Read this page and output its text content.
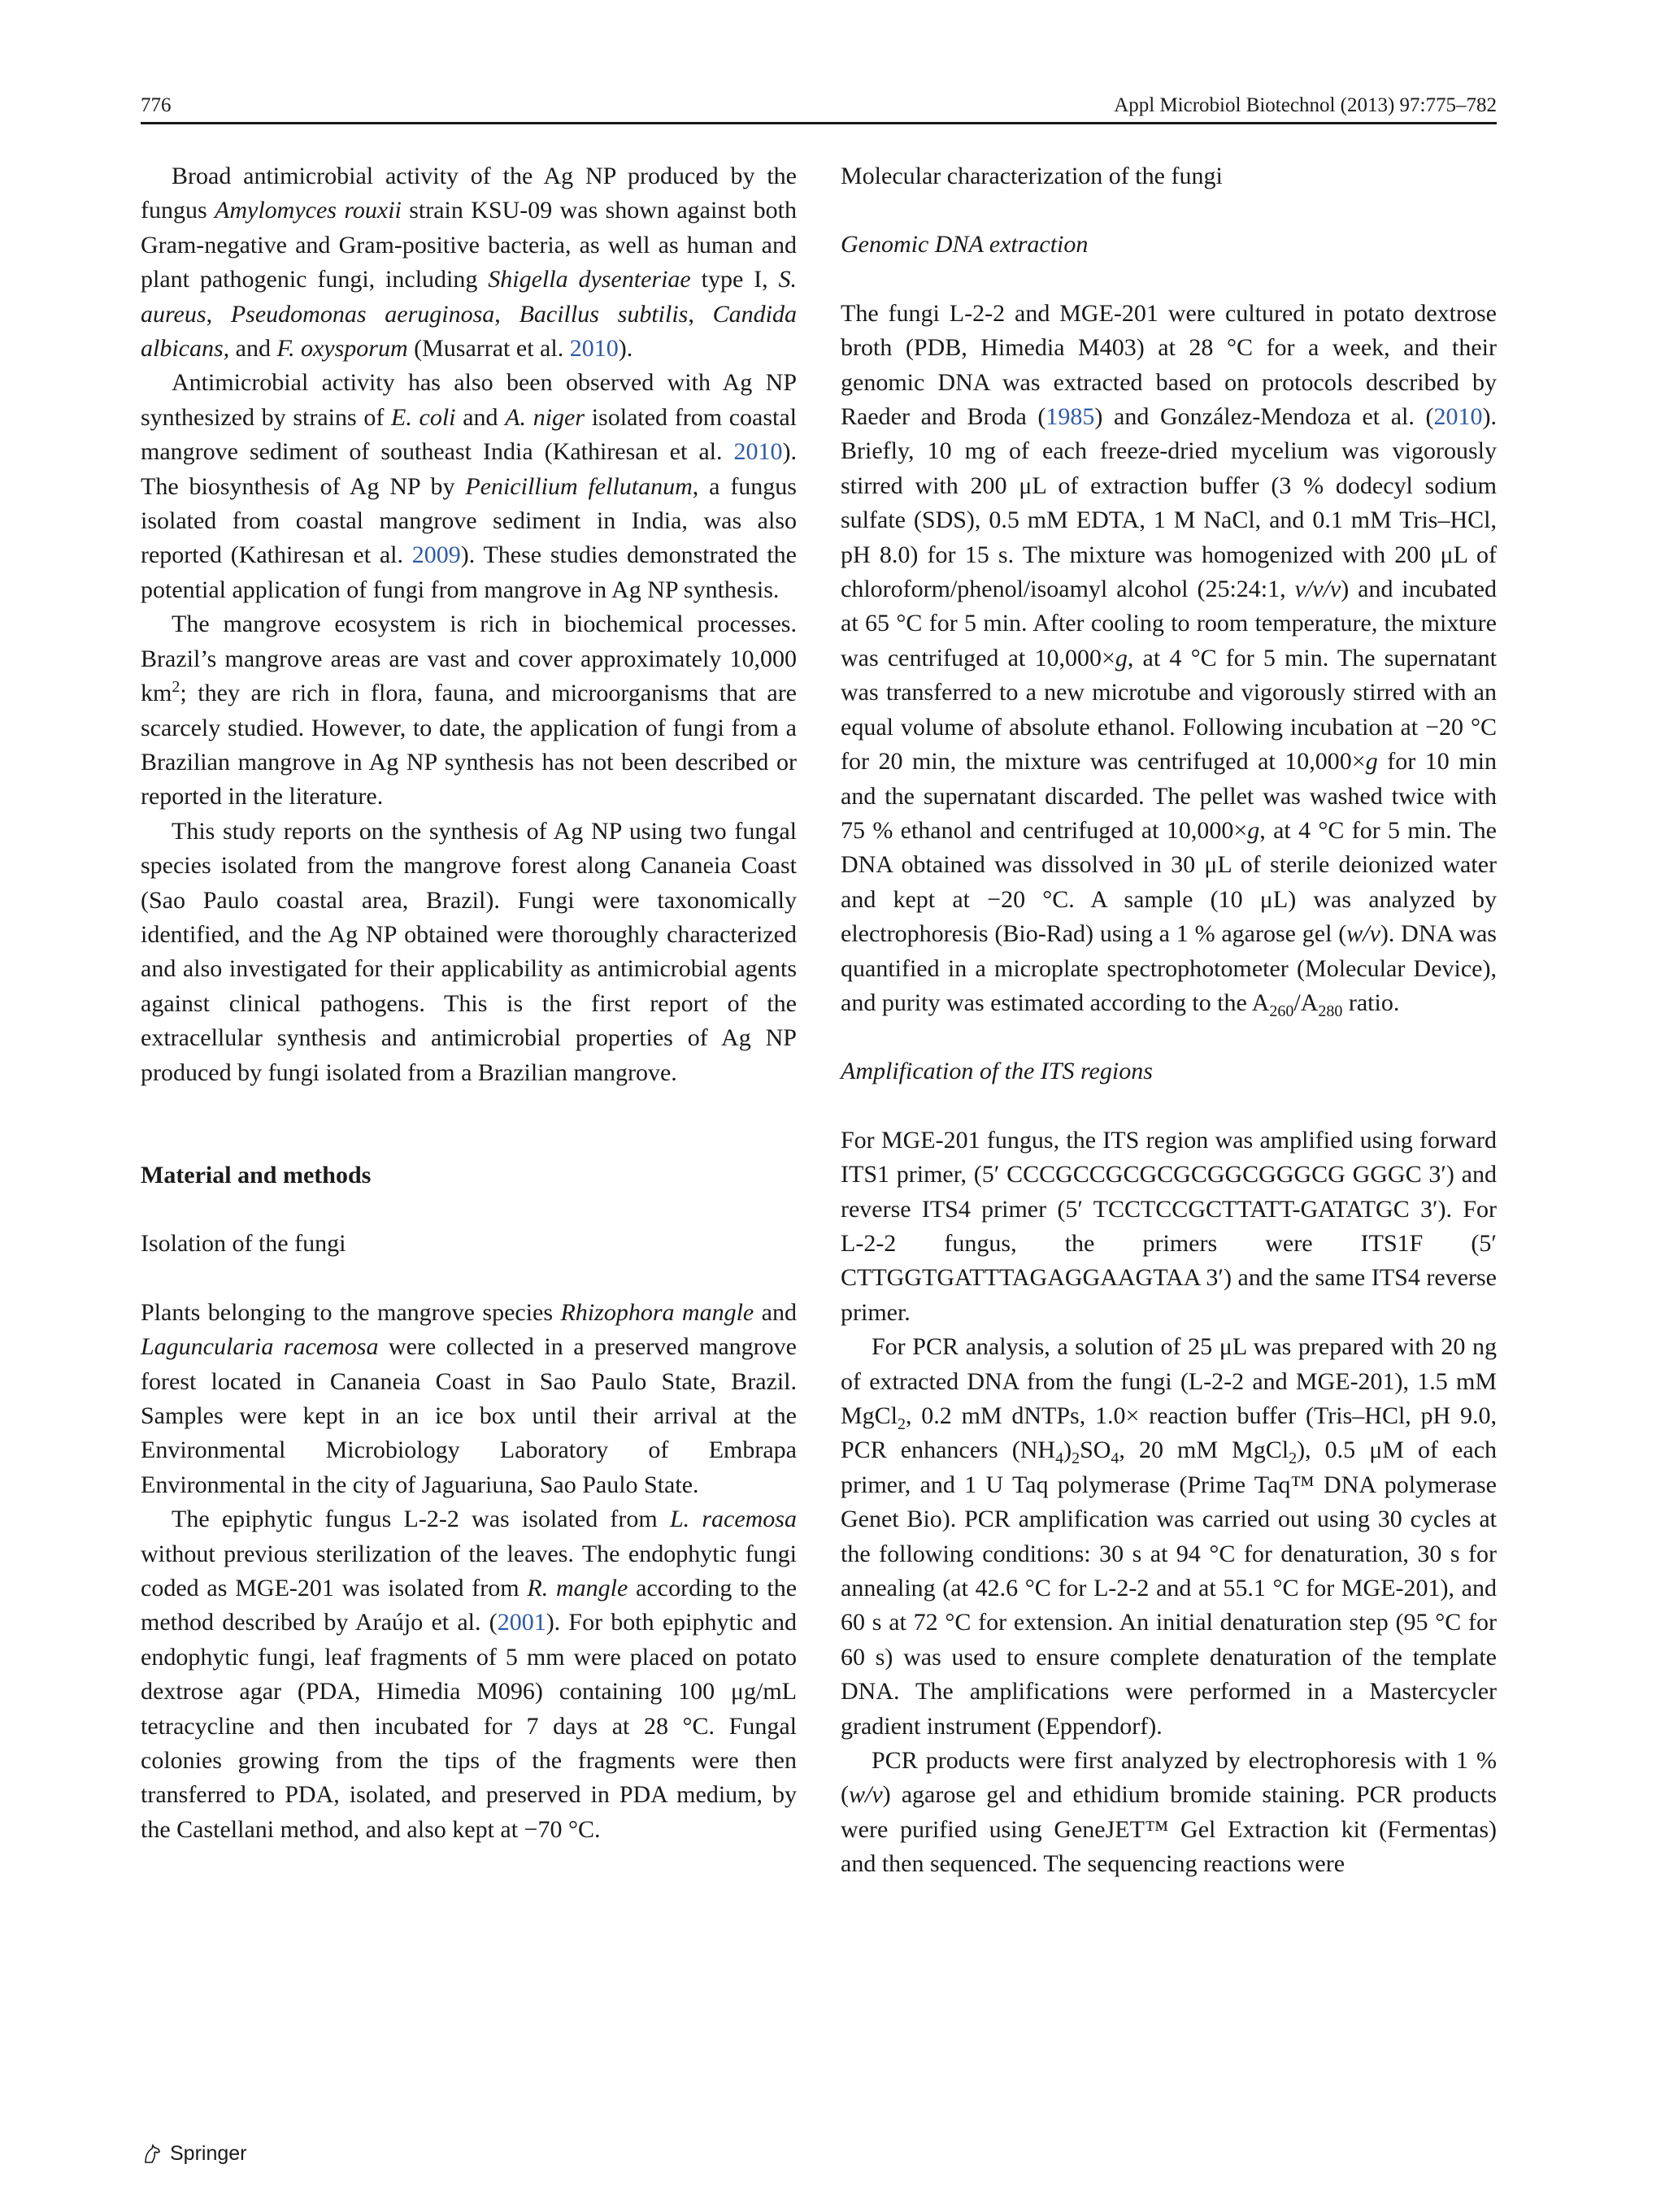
776	Appl Microbiol Biotechnol (2013) 97:775–782

Broad antimicrobial activity of the Ag NP produced by the fungus Amylomyces rouxii strain KSU-09 was shown against both Gram-negative and Gram-positive bacteria, as well as human and plant pathogenic fungi, including Shigella dysenteriae type I, S. aureus, Pseudomonas aeruginosa, Bacillus subtilis, Candida albicans, and F. oxysporum (Musarrat et al. 2010).

Antimicrobial activity has also been observed with Ag NP synthesized by strains of E. coli and A. niger isolated from coastal mangrove sediment of southeast India (Kathiresan et al. 2010). The biosynthesis of Ag NP by Penicillium fellutanum, a fungus isolated from coastal mangrove sediment in India, was also reported (Kathiresan et al. 2009). These studies demonstrated the potential application of fungi from mangrove in Ag NP synthesis.

The mangrove ecosystem is rich in biochemical processes. Brazil’s mangrove areas are vast and cover approximately 10,000 $km^2$; they are rich in flora, fauna, and microorganisms that are scarcely studied. However, to date, the application of fungi from a Brazilian mangrove in Ag NP synthesis has not been described or reported in the literature.

This study reports on the synthesis of Ag NP using two fungal species isolated from the mangrove forest along Cananeia Coast (Sao Paulo coastal area, Brazil). Fungi were taxonomically identified, and the Ag NP obtained were thoroughly characterized and also investigated for their applicability as antimicrobial agents against clinical pathogens. This is the first report of the extracellular synthesis and antimicrobial properties of Ag NP produced by fungi isolated from a Brazilian mangrove.

Material and methods
Isolation of the fungi

Plants belonging to the mangrove species Rhizophora mangle and Laguncularia racemosa were collected in a preserved mangrove forest located in Cananeia Coast in Sao Paulo State, Brazil. Samples were kept in an ice box until their arrival at the Environmental Microbiology Laboratory of Embrapa Environmental in the city of Jaguariuna, Sao Paulo State.

The epiphytic fungus L-2-2 was isolated from L. racemosa without previous sterilization of the leaves. The endophytic fungi coded as MGE-201 was isolated from R. mangle according to the method described by Araújo et al. (2001). For both epiphytic and endophytic fungi, leaf fragments of 5 mm were placed on potato dextrose agar (PDA, Himedia M096) containing 100 μg/mL tetracycline and then incubated for 7 days at 28 °C. Fungal colonies growing from the tips of the fragments were then transferred to PDA, isolated, and preserved in PDA medium, by the Castellani method, and also kept at −70 °C.

Molecular characterization of the fungi
Genomic DNA extraction

The fungi L-2-2 and MGE-201 were cultured in potato dextrose broth (PDB, Himedia M403) at 28 °C for a week, and their genomic DNA was extracted based on protocols described by Raeder and Broda (1985) and González-Mendoza et al. (2010). Briefly, 10 mg of each freeze-dried mycelium was vigorously stirred with 200 μL of extraction buffer (3 % dodecyl sodium sulfate (SDS), 0.5 mM EDTA, 1 M NaCl, and 0.1 mM Tris–HCl, pH 8.0) for 15 s. The mixture was homogenized with 200 μL of chloroform/phenol/isoamyl alcohol (25:24:1, v/v/v) and incubated at 65 °C for 5 min. After cooling to room temperature, the mixture was centrifuged at 10,000×g, at 4 °C for 5 min. The supernatant was transferred to a new microtube and vigorously stirred with an equal volume of absolute ethanol. Following incubation at −20 °C for 20 min, the mixture was centrifuged at 10,000×g for 10 min and the supernatant discarded. The pellet was washed twice with 75 % ethanol and centrifuged at 10,000×g, at 4 °C for 5 min. The DNA obtained was dissolved in 30 μL of sterile deionized water and kept at −20 °C. A sample (10 μL) was analyzed by electrophoresis (Bio-Rad) using a 1 % agarose gel (w/v). DNA was quantified in a microplate spectrophotometer (Molecular Device), and purity was estimated according to the $A_{260}/A_{280}$ ratio.

Amplification of the ITS regions

For MGE-201 fungus, the ITS region was amplified using forward ITS1 primer, (5′ CCCGCCGCGCGCGGCGGGCG GGGC 3′) and reverse ITS4 primer (5′ TCCTCCGCTTATT-GATATGC 3′). For L-2-2 fungus, the primers were ITS1F (5′ CTTGGTGATTTAGAGGAAGTAA 3′) and the same ITS4 reverse primer.

For PCR analysis, a solution of 25 μL was prepared with 20 ng of extracted DNA from the fungi (L-2-2 and MGE-201), 1.5 mM MgCl$_2$, 0.2 mM dNTPs, 1.0× reaction buffer (Tris–HCl, pH 9.0, PCR enhancers $(NH_4)_2SO_4$, 20 mM MgCl$_2$), 0.5 μM of each primer, and 1 U Taq polymerase (Prime Taq™ DNA polymerase Genet Bio). PCR amplification was carried out using 30 cycles at the following conditions: 30 s at 94 °C for denaturation, 30 s for annealing (at 42.6 °C for L-2-2 and at 55.1 °C for MGE-201), and 60 s at 72 °C for extension. An initial denaturation step (95 °C for 60 s) was used to ensure complete denaturation of the template DNA. The amplifications were performed in a Mastercycler gradient instrument (Eppendorf).

PCR products were first analyzed by electrophoresis with 1 % (w/v) agarose gel and ethidium bromide staining. PCR products were purified using GeneJET™ Gel Extraction kit (Fermentas) and then sequenced. The sequencing reactions were

Springer
